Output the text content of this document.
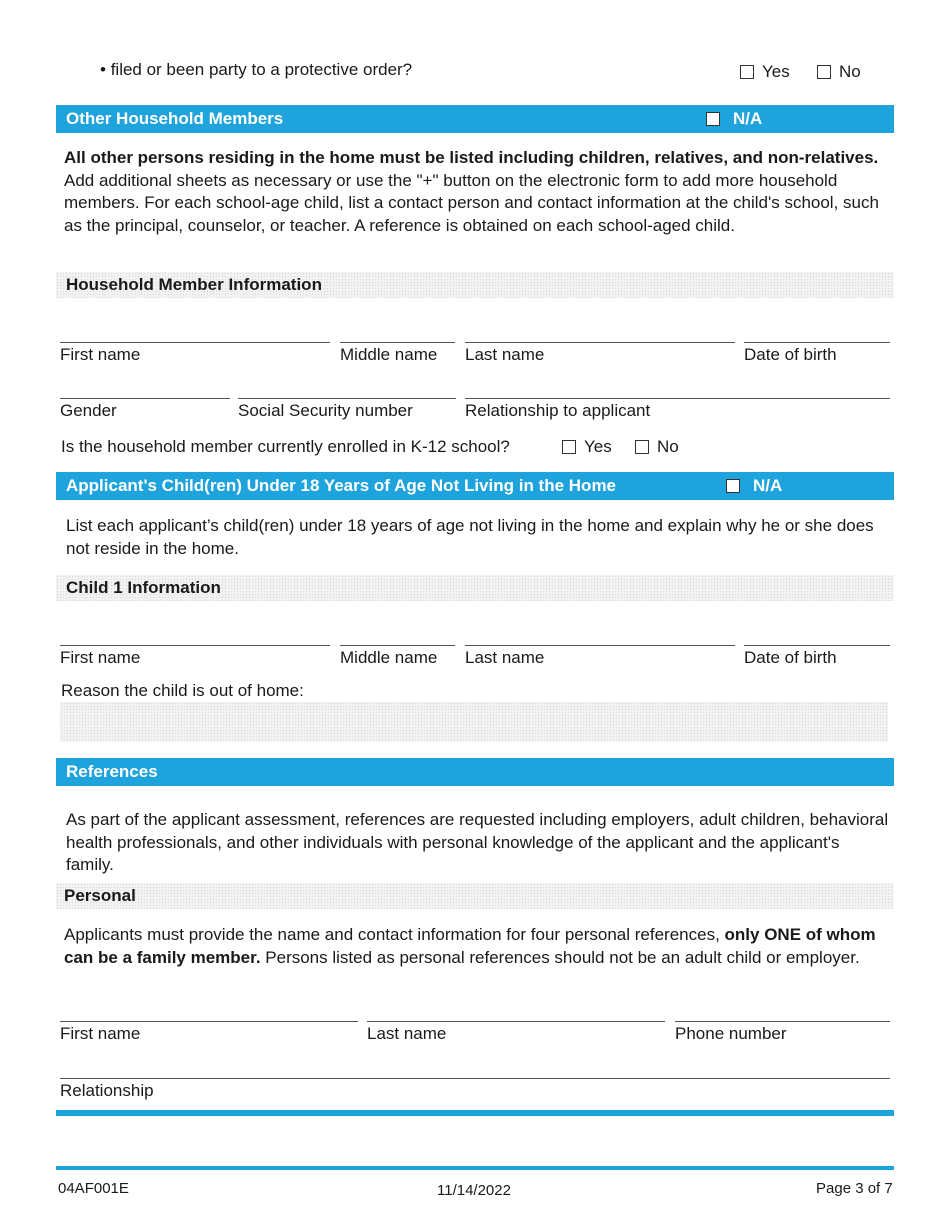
• filed or been party to a protective order?	Yes	No
Other Household Members	N/A
All other persons residing in the home must be listed including children, relatives, and non-relatives. Add additional sheets as necessary or use the "+" button on the electronic form to add more household members. For each school-age child, list a contact person and contact information at the child's school, such as the principal, counselor, or teacher. A reference is obtained on each school-aged child.
Household Member Information
First name	Middle name	Last name	Date of birth
Gender	Social Security number	Relationship to applicant
Is the household member currently enrolled in K-12 school?	Yes	No
Applicant's Child(ren) Under 18 Years of Age Not Living in the Home	N/A
List each applicant’s child(ren) under 18 years of age not living in the home and explain why he or she does not reside in the home.
Child 1 Information
First name	Middle name	Last name	Date of birth
Reason the child is out of home:
References
As part of the applicant assessment, references are requested including employers, adult children, behavioral health professionals, and other individuals with personal knowledge of the applicant and the applicant's family.
Personal
Applicants must provide the name and contact information for four personal references, only ONE of whom can be a family member. Persons listed as personal references should not be an adult child or employer.
First name	Last name	Phone number
Relationship
04AF001E	11/14/2022	Page 3 of 7
